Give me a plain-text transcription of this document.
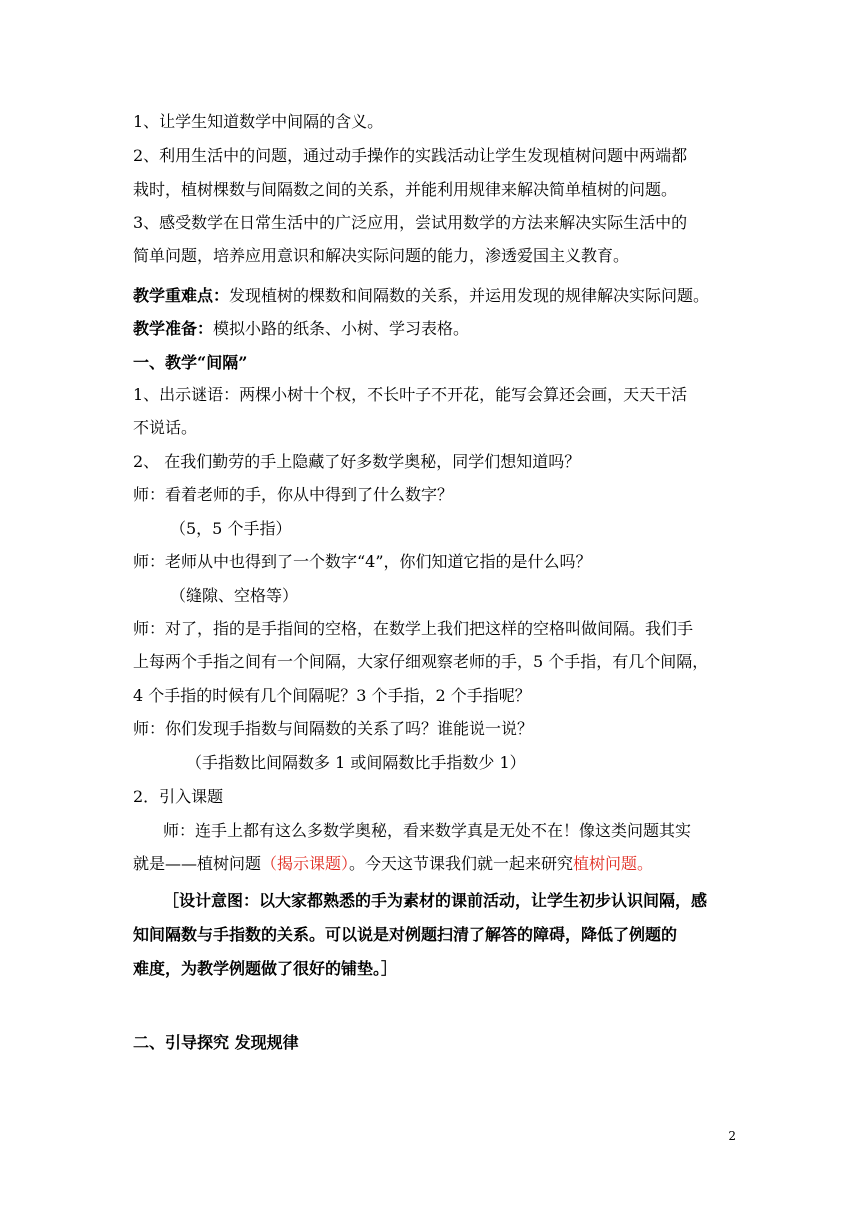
1、让学生知道数学中间隔的含义。
2、利用生活中的问题，通过动手操作的实践活动让学生发现植树问题中两端都
栽时，植树棵数与间隔数之间的关系，并能利用规律来解决简单植树的问题。
3、感受数学在日常生活中的广泛应用，尝试用数学的方法来解决实际生活中的
简单问题，培养应用意识和解决实际问题的能力，渗透爱国主义教育。
教学重难点：发现植树的棵数和间隔数的关系，并运用发现的规律解决实际问题。
教学准备：模拟小路的纸条、小树、学习表格。
一、教学“间隔”
1、出示谜语：两棵小树十个杈，不长叶子不开花，能写会算还会画，天天干活
不说话。
2、 在我们勤劳的手上隐藏了好多数学奥秘，同学们想知道吗？
师：看着老师的手，你从中得到了什么数字？
（5，5 个手指）
师：老师从中也得到了一个数字“4”，你们知道它指的是什么吗？
（缝隙、空格等）
师：对了，指的是手指间的空格，在数学上我们把这样的空格叫做间隔。我们手
上每两个手指之间有一个间隔，大家仔细观察老师的手，5 个手指，有几个间隔，
4 个手指的时候有几个间隔呢？3 个手指，2 个手指呢？
师：你们发现手指数与间隔数的关系了吗？谁能说一说？
（手指数比间隔数多 1 或间隔数比手指数少 1）
2．引入课题
师：连手上都有这么多数学奥秘，看来数学真是无处不在！像这类问题其实
就是——植树问题（揭示课题）。今天这节课我们就一起来研究植树问题。
［设计意图：以大家都熟悉的手为素材的课前活动，让学生初步认识间隔，感
知间隔数与手指数的关系。可以说是对例题扫清了解答的障碍，降低了例题的
难度，为教学例题做了很好的铺垫。］
二、引导探究 发现规律
2
